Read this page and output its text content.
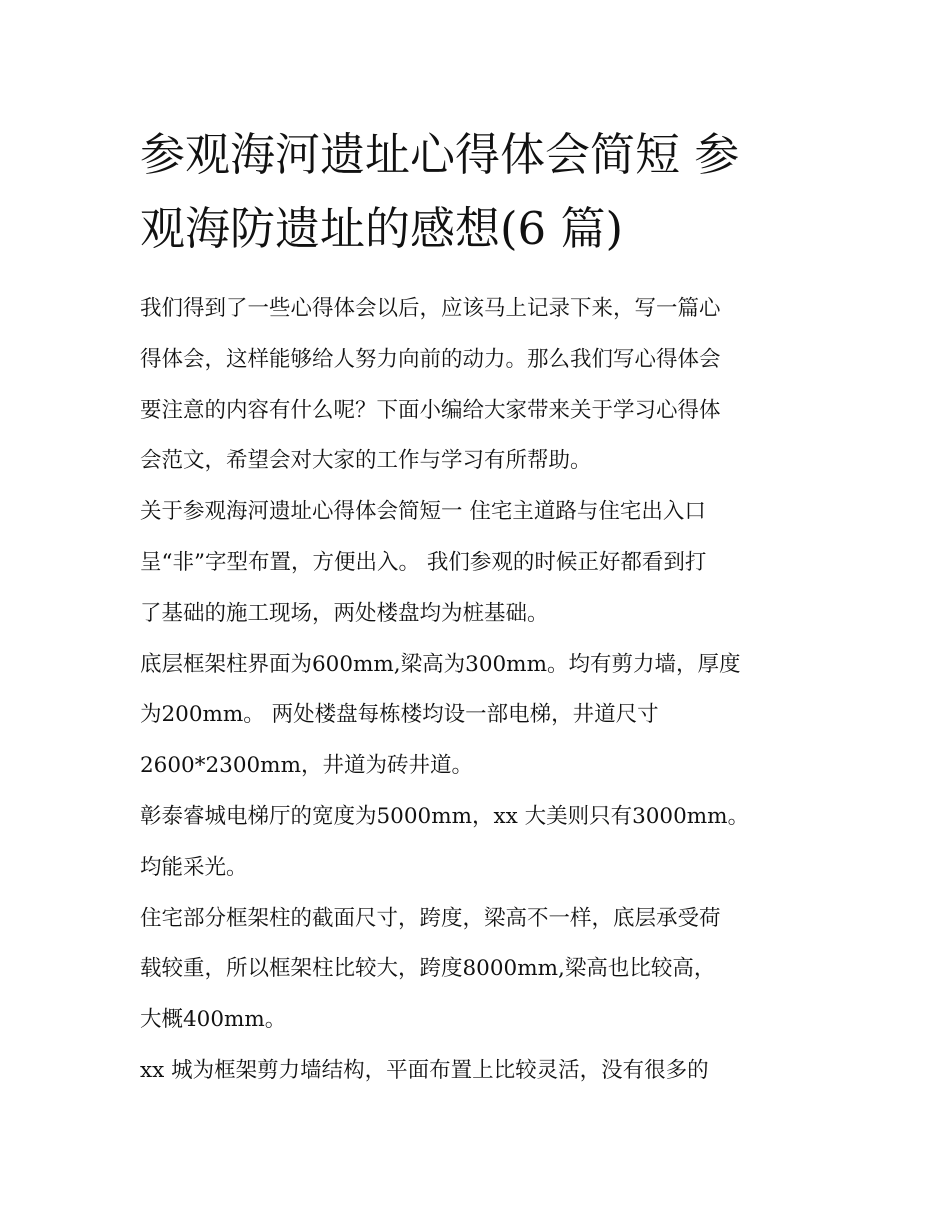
参观海河遗址心得体会简短 参
观海防遗址的感想(6 篇)

我们得到了一些心得体会以后，应该马上记录下来，写一篇心
得体会，这样能够给人努力向前的动力。那么我们写心得体会
要注意的内容有什么呢？下面小编给大家带来关于学习心得体
会范文，希望会对大家的工作与学习有所帮助。

关于参观海河遗址心得体会简短一 住宅主道路与住宅出入口
呈“非”字型布置，方便出入。 我们参观的时候正好都看到打
了基础的施工现场，两处楼盘均为桩基础。

底层框架柱界面为600mm,梁高为300mm。均有剪力墙，厚度
为200mm。 两处楼盘每栋楼均设一部电梯，井道尺寸
2600*2300mm，井道为砖井道。

彰泰睿城电梯厅的宽度为5000mm，xx 大美则只有3000mm。
均能采光。

住宅部分框架柱的截面尺寸，跨度，梁高不一样，底层承受荷
载较重，所以框架柱比较大，跨度8000mm,梁高也比较高，
大概400mm。

xx 城为框架剪力墙结构，平面布置上比较灵活，没有很多的
